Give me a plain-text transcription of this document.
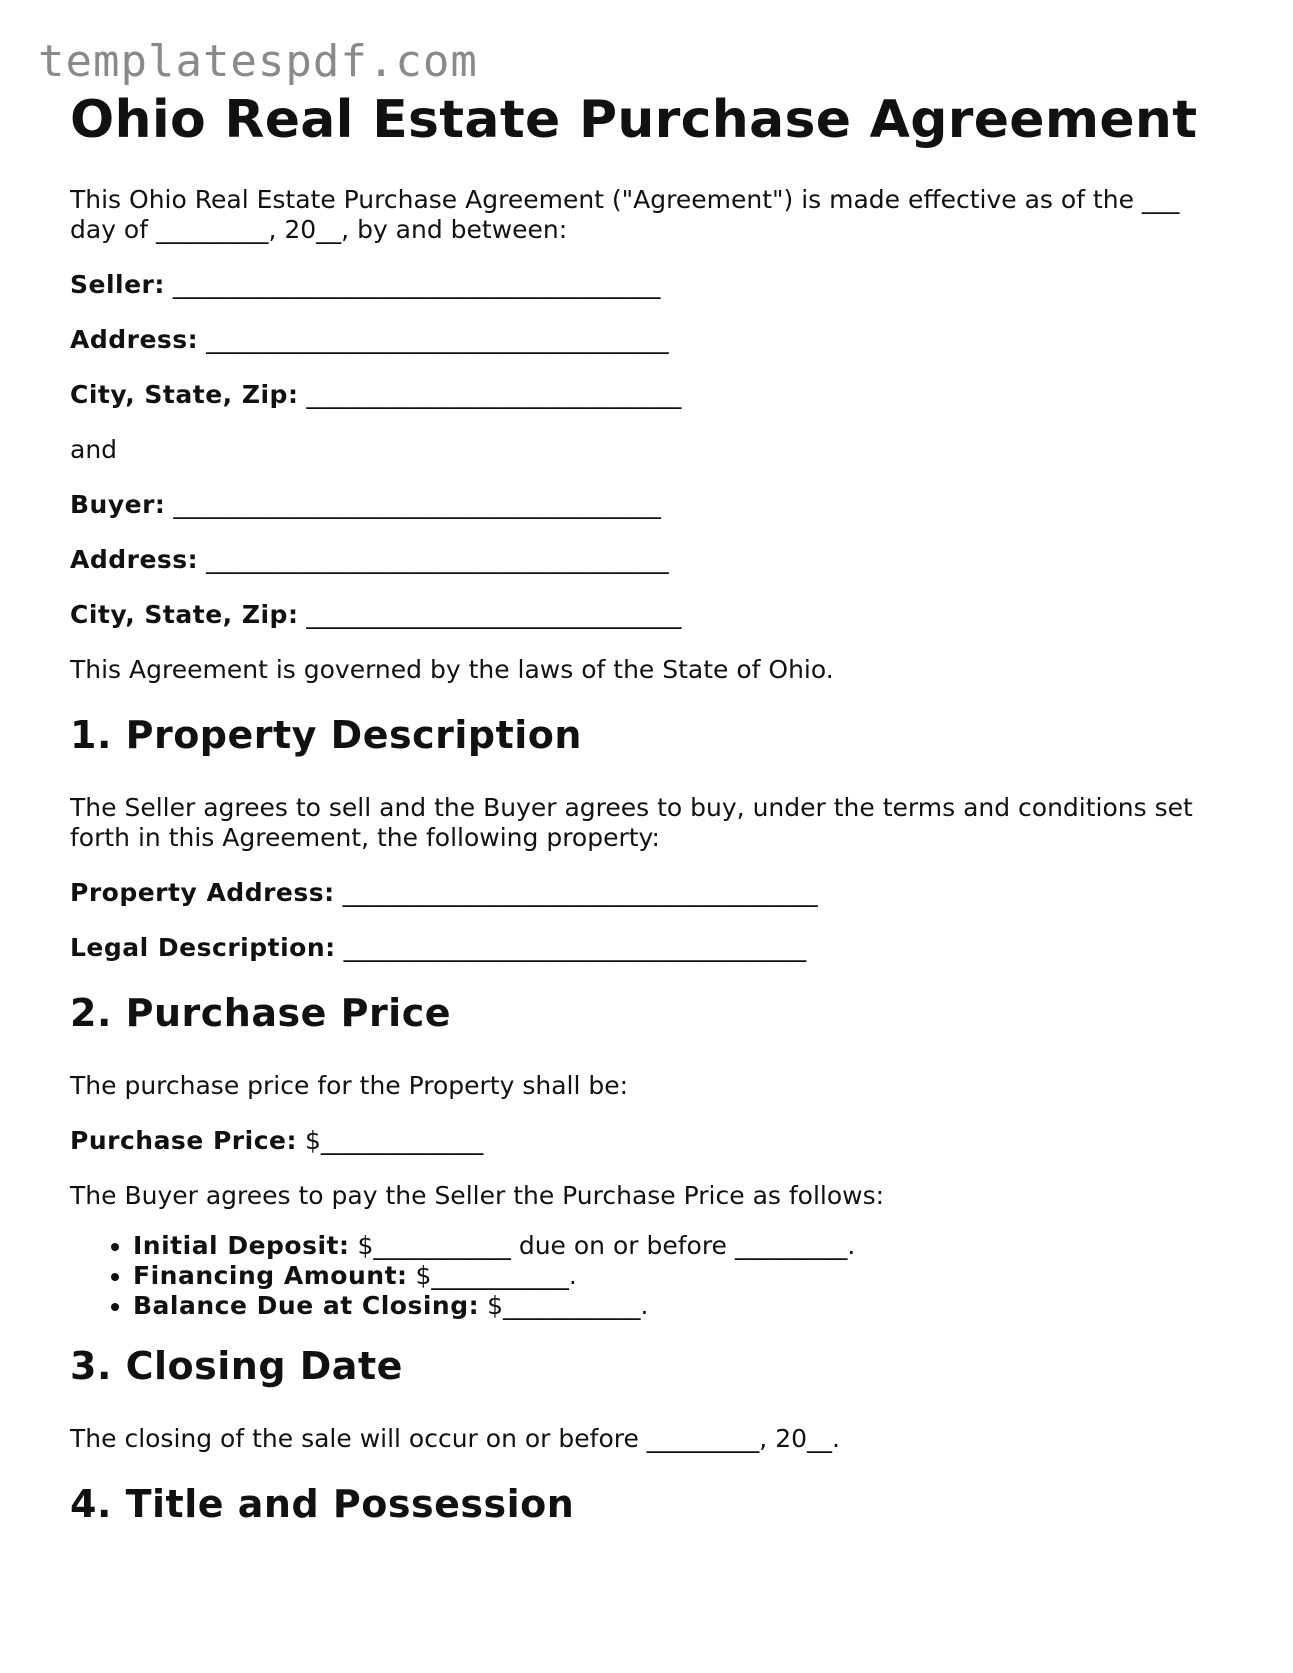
templatespdf.com
Ohio Real Estate Purchase Agreement
This Ohio Real Estate Purchase Agreement ("Agreement") is made effective as of the ___ day of _________, 20__, by and between:
Seller: _______________________________________
Address: _____________________________________
City, State, Zip: ______________________________
and
Buyer: _______________________________________
Address: _____________________________________
City, State, Zip: ______________________________
This Agreement is governed by the laws of the State of Ohio.
1. Property Description
The Seller agrees to sell and the Buyer agrees to buy, under the terms and conditions set forth in this Agreement, the following property:
Property Address: ______________________________________
Legal Description: _____________________________________
2. Purchase Price
The purchase price for the Property shall be:
Purchase Price: $_____________
The Buyer agrees to pay the Seller the Purchase Price as follows:
• Initial Deposit: $___________ due on or before _________.
• Financing Amount: $___________.
• Balance Due at Closing: $___________.
3. Closing Date
The closing of the sale will occur on or before _________, 20__.
4. Title and Possession
